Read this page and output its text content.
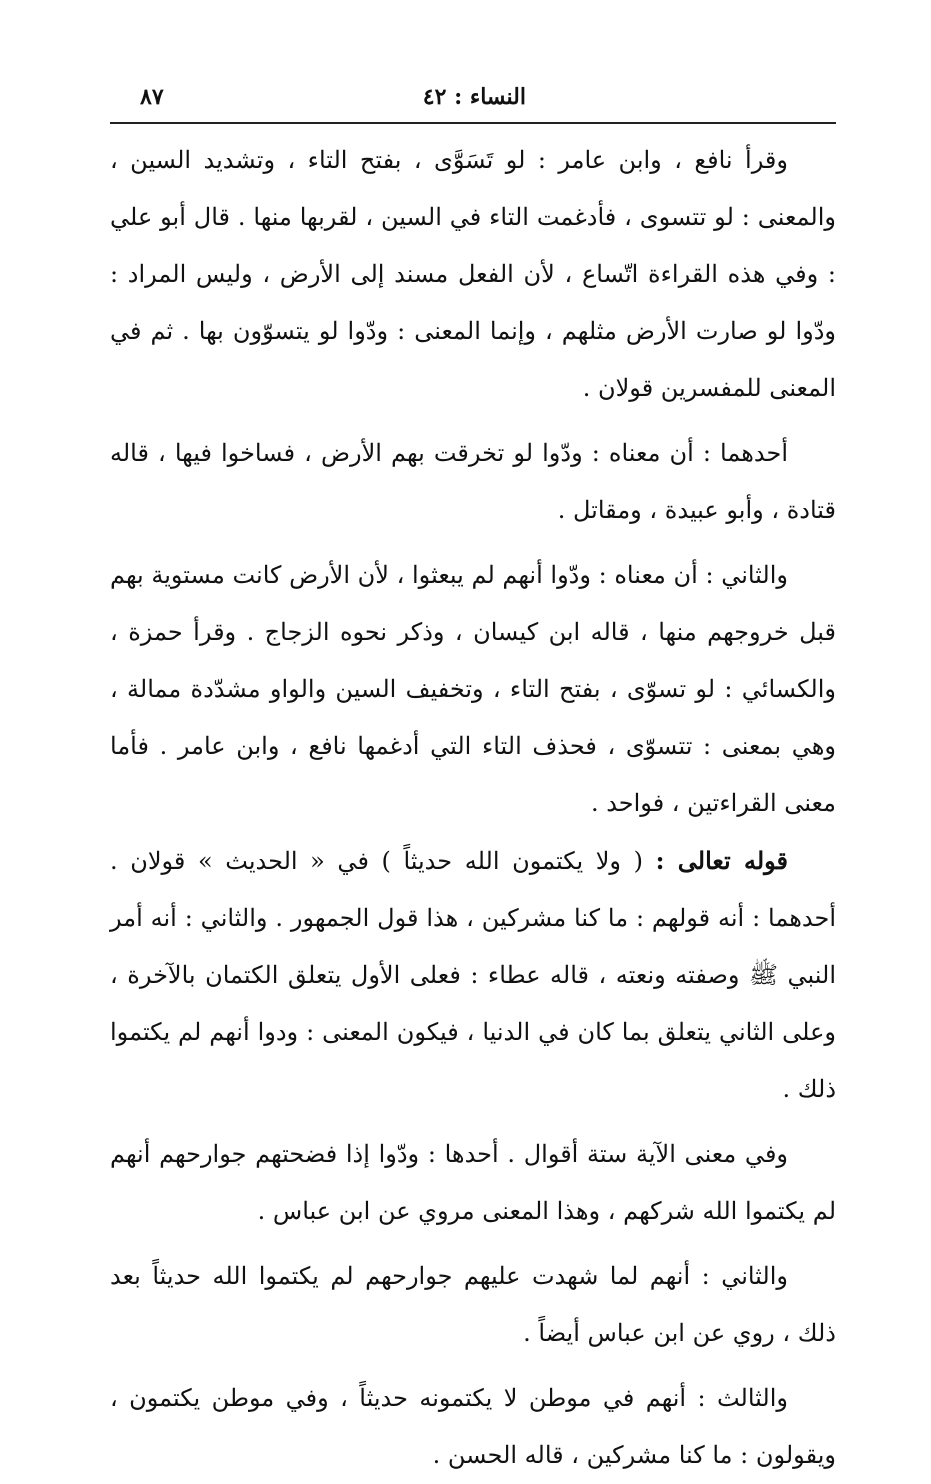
النساء : ٤٢
٨٧

وقرأ نافع ، وابن عامر : لو تَسَوَّى ، بفتح التاء ، وتشديد السين ، والمعنى : لو تتسوى ، فأدغمت التاء في السين ، لقربها منها . قال أبو علي : وفي هذه القراءة اتّساع ، لأن الفعل مسند إلى الأرض ، وليس المراد : ودّوا لو صارت الأرض مثلهم ، وإنما المعنى : ودّوا لو يتسوّون بها . ثم في المعنى للمفسرين قولان .

أحدهما : أن معناه : ودّوا لو تخرقت بهم الأرض ، فساخوا فيها ، قاله قتادة ، وأبو عبيدة ، ومقاتل .

والثاني : أن معناه : ودّوا أنهم لم يبعثوا ، لأن الأرض كانت مستوية بهم قبل خروجهم منها ، قاله ابن كيسان ، وذكر نحوه الزجاج . وقرأ حمزة ، والكسائي : لو تسوّى ، بفتح التاء ، وتخفيف السين والواو مشدّدة ممالة ، وهي بمعنى : تتسوّى ، فحذف التاء التي أدغمها نافع ، وابن عامر . فأما معنى القراءتين ، فواحد .

قوله تعالى : ( ولا يكتمون الله حديثاً ) في « الحديث » قولان . أحدهما : أنه قولهم : ما كنا مشركين ، هذا قول الجمهور . والثاني : أنه أمر النبي ﷺ وصفته ونعته ، قاله عطاء : فعلى الأول يتعلق الكتمان بالآخرة ، وعلى الثاني يتعلق بما كان في الدنيا ، فيكون المعنى : ودوا أنهم لم يكتموا ذلك .

وفي معنى الآية ستة أقوال . أحدها : ودّوا إذا فضحتهم جوارحهم أنهم لم يكتموا الله شركهم ، وهذا المعنى مروي عن ابن عباس .

والثاني : أنهم لما شهدت عليهم جوارحهم لم يكتموا الله حديثاً بعد ذلك ، روي عن ابن عباس أيضاً .

والثالث : أنهم في موطن لا يكتمونه حديثاً ، وفي موطن يكتمون ، ويقولون : ما كنا مشركين ، قاله الحسن .
